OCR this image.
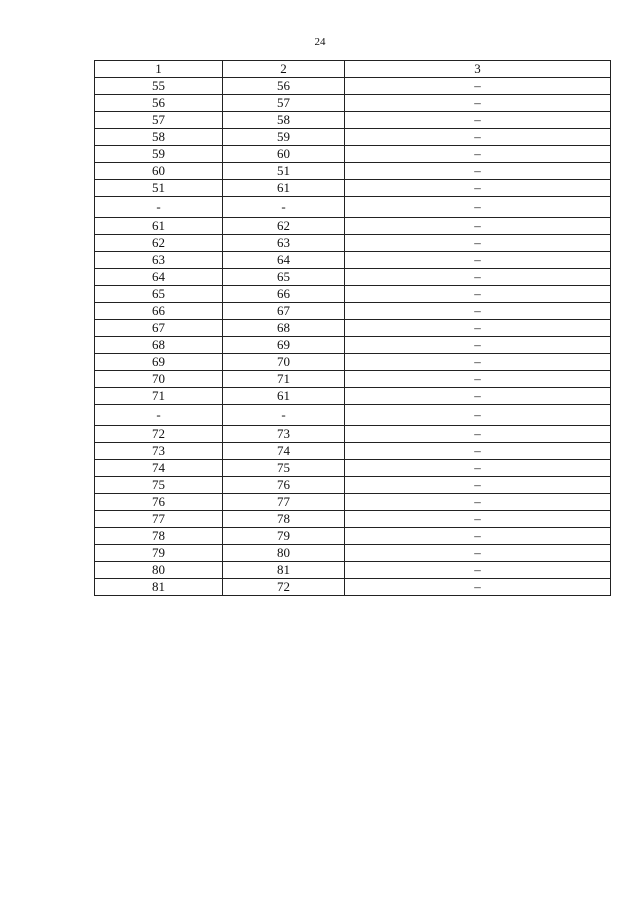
24
1	2	3
55	56	–
56	57	–
57	58	–
58	59	–
59	60	–
60	51	–
51	61	–
-	-	–
61	62	–
62	63	–
63	64	–
64	65	–
65	66	–
66	67	–
67	68	–
68	69	–
69	70	–
70	71	–
71	61	–
-	-	–
72	73	–
73	74	–
74	75	–
75	76	–
76	77	–
77	78	–
78	79	–
79	80	–
80	81	–
81	72	–
